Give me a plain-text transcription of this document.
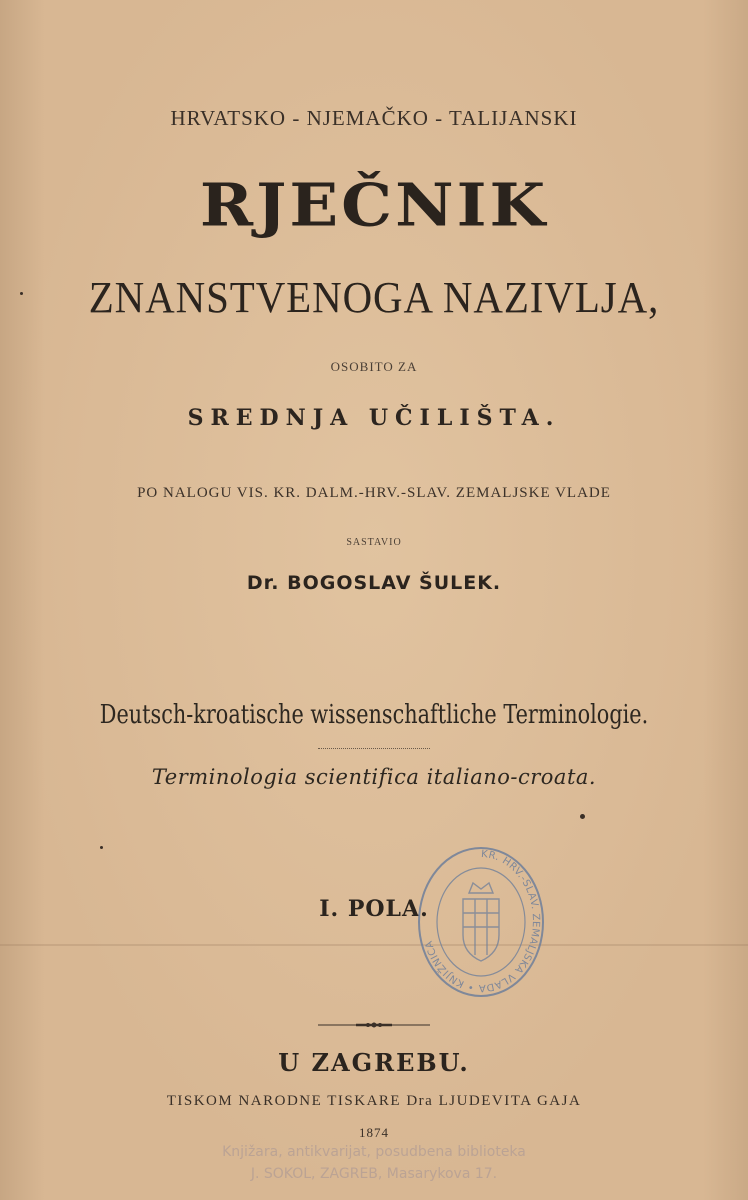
HRVATSKO - NJEMAČKO - TALIJANSKI
RJEČNIK
ZNANSTVENOGA NAZIVLJA,
OSOBITO ZA
SREDNJA UČILIŠTA.
PO NALOGU VIS. KR. DALM.-HRV.-SLAV. ZEMALJSKE VLADE
SASTAVIO
Dr. BOGOSLAV ŠULEK.
Deutsch-kroatische wissenschaftliche Terminologie.
Terminologia scientifica italiano-croata.
I. POLA.
U ZAGREBU.
TISKOM NARODNE TISKARE Dra LJUDEVITA GAJA
1874
Knjižara, antikvarijat, posudbena biblioteka
J. SOKOL, ZAGREB, Masarykova 17.
KR. HRV.-SLAV. ZEMALJSKA VLADA • KNJIŽNICA
